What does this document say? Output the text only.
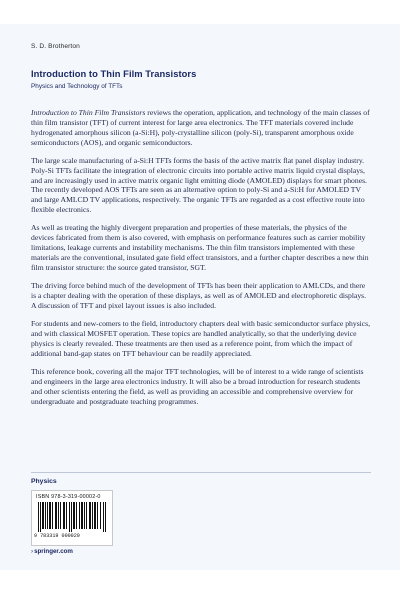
S. D. Brotherton
Introduction to Thin Film Transistors
Physics and Technology of TFTs

Introduction to Thin Film Transistors reviews the operation, application, and technology of the main classes of thin film transistor (TFT) of current interest for large area electronics. The TFT materials covered include hydrogenated amorphous silicon (a-Si:H), poly-crystalline silicon (poly-Si), transparent amorphous oxide semiconductors (AOS), and organic semiconductors.

The large scale manufacturing of a-Si:H TFTs forms the basis of the active matrix flat panel display industry. Poly-Si TFTs facilitate the integration of electronic circuits into portable active matrix liquid crystal displays, and are increasingly used in active matrix organic light emitting diode (AMOLED) displays for smart phones. The recently developed AOS TFTs are seen as an alternative option to poly-Si and a-Si:H for AMOLED TV and large AMLCD TV applications, respectively. The organic TFTs are regarded as a cost effective route into flexible electronics.

As well as treating the highly divergent preparation and properties of these materials, the physics of the devices fabricated from them is also covered, with emphasis on performance features such as carrier mobility limitations, leakage currents and instability mechanisms. The thin film transistors implemented with these materials are the conventional, insulated gate field effect transistors, and a further chapter describes a new thin film transistor structure: the source gated transistor, SGT.

The driving force behind much of the development of TFTs has been their application to AMLCDs, and there is a chapter dealing with the operation of these displays, as well as of AMOLED and electrophoretic displays. A discussion of TFT and pixel layout issues is also included.

For students and new-comers to the field, introductory chapters deal with basic semiconductor surface physics, and with classical MOSFET operation. These topics are handled analytically, so that the underlying device physics is clearly revealed. These treatments are then used as a reference point, from which the impact of additional band-gap states on TFT behaviour can be readily appreciated.

This reference book, covering all the major TFT technologies, will be of interest to a wide range of scientists and engineers in the large area electronics industry. It will also be a broad introduction for research students and other scientists entering the field, as well as providing an accessible and comprehensive overview for undergraduate and postgraduate teaching programmes.

Physics
ISBN 978-3-319-00002-0
9 783319 000020
›springer.com
